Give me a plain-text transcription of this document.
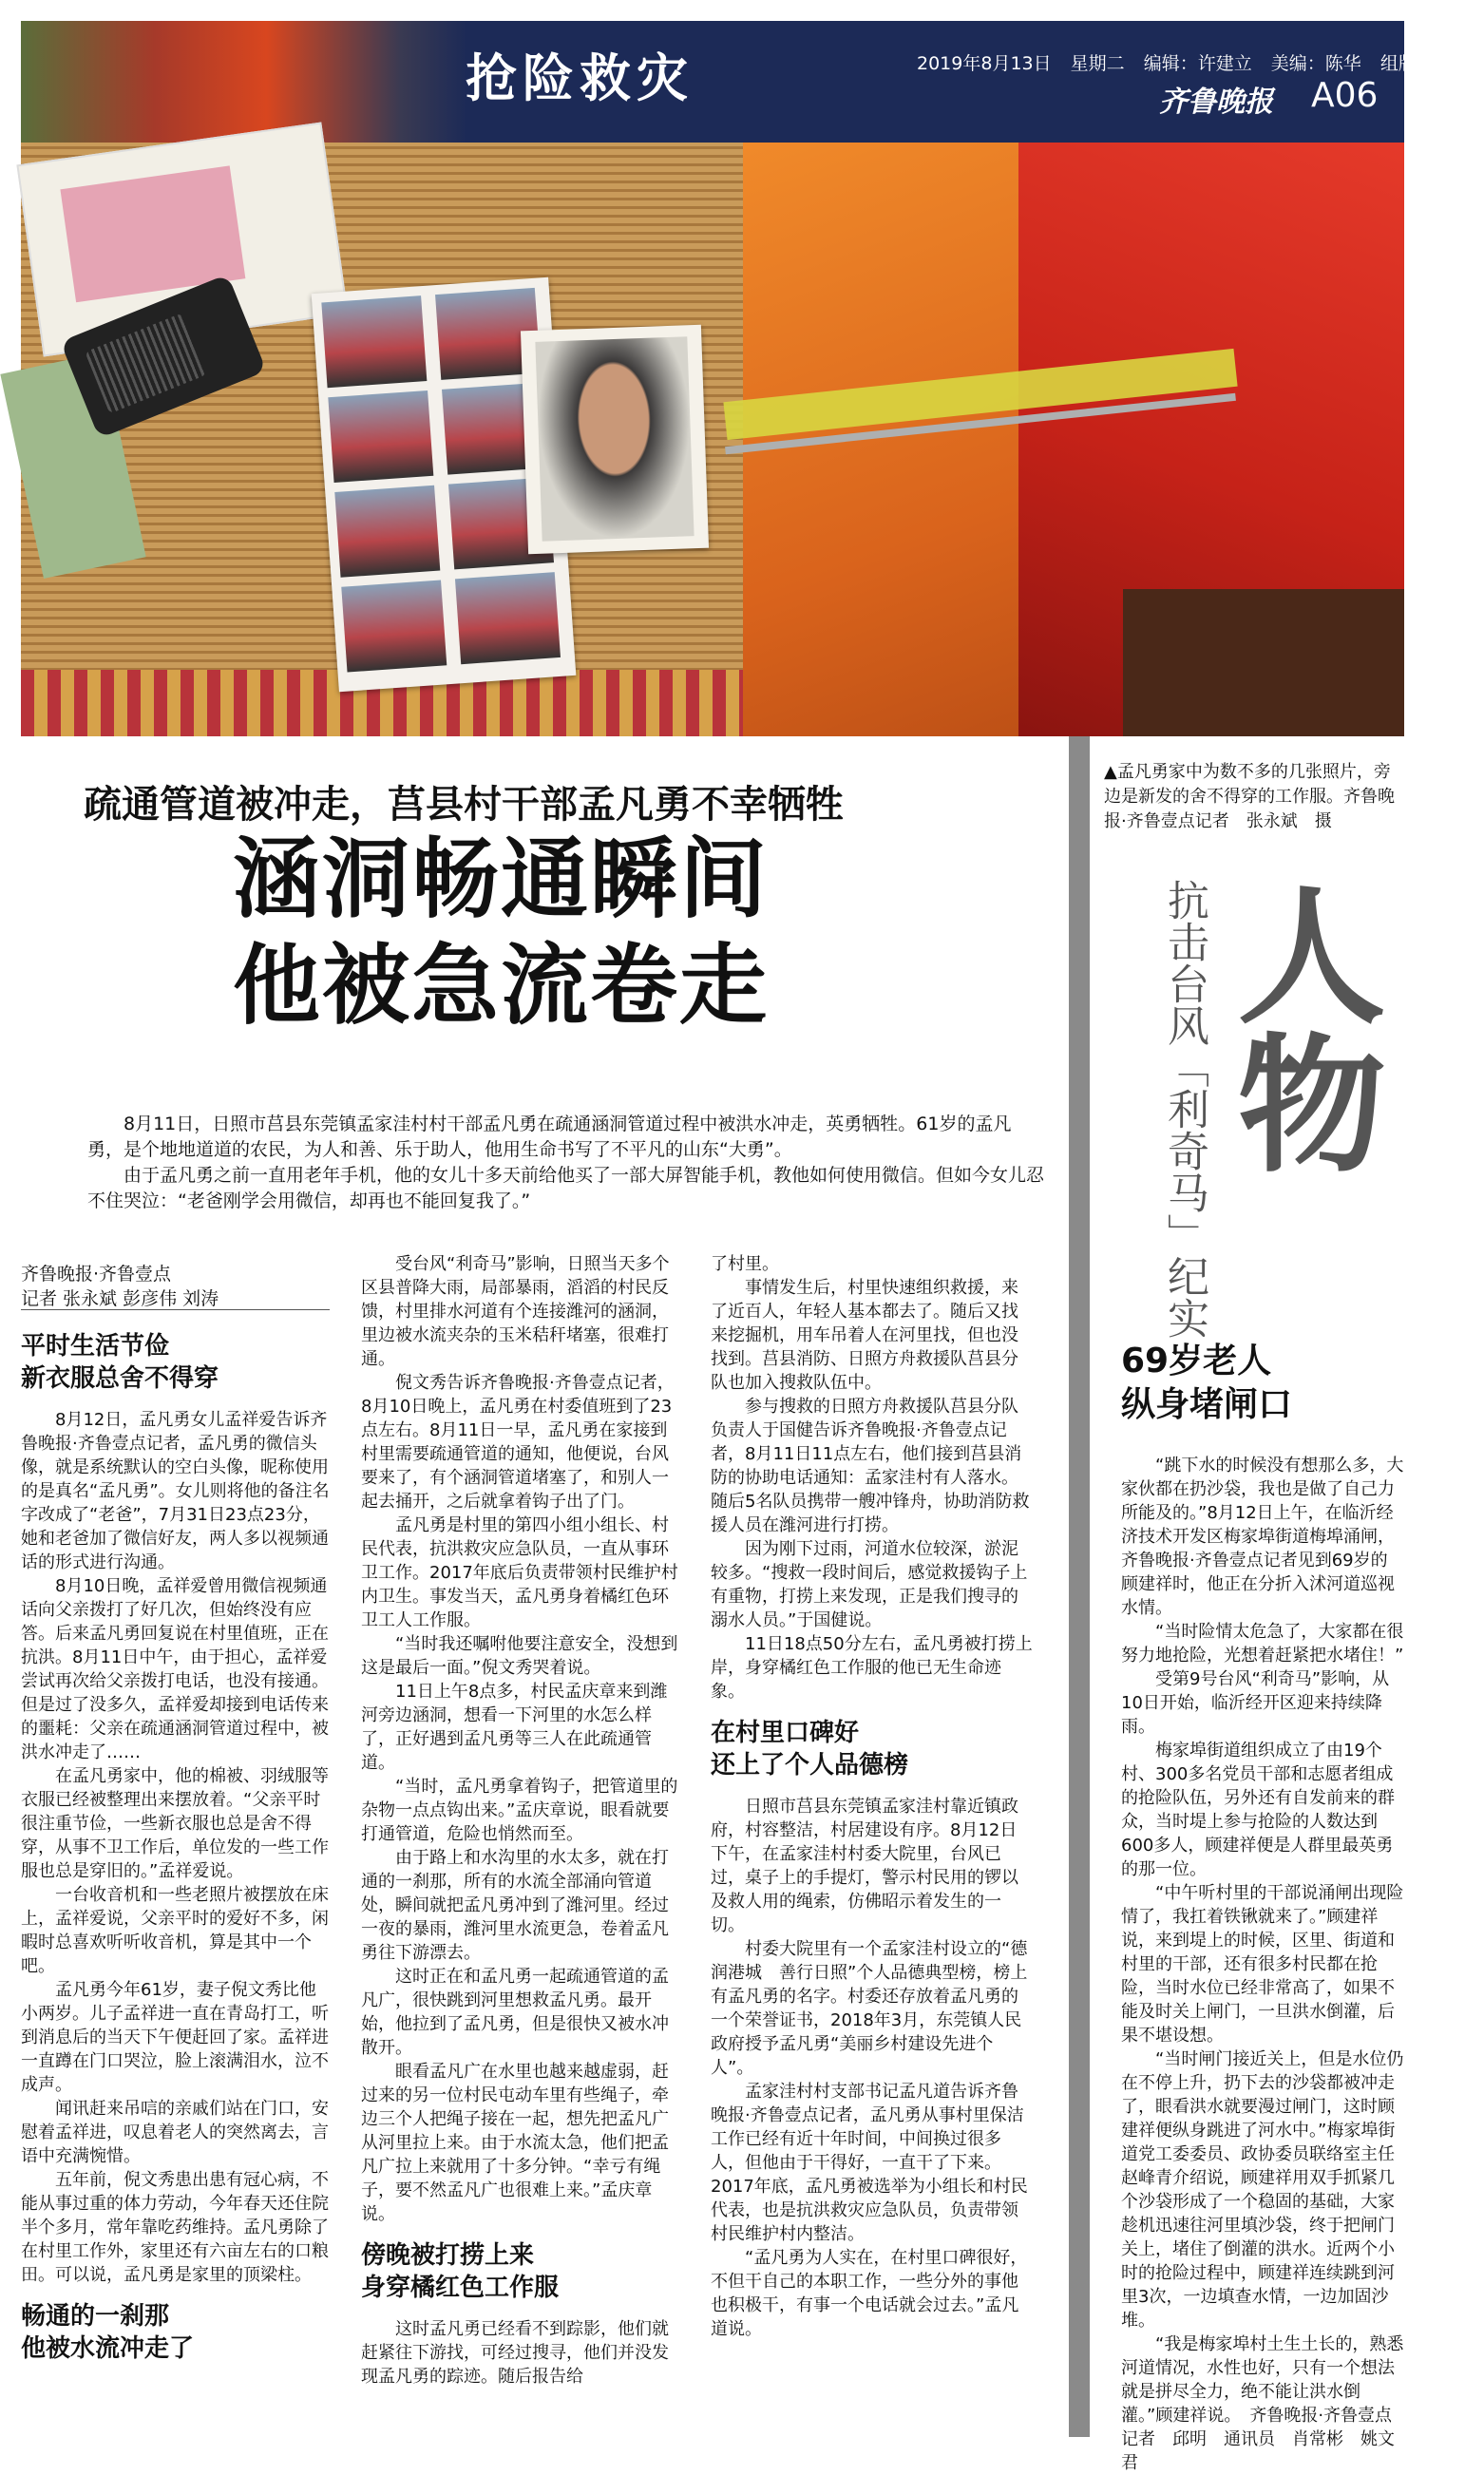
抢险救灾	2019年8月13日 星期二 编辑：许建立 美编：陈华 组版：颜莉
齐鲁晚报 A06
疏通管道被冲走，莒县村干部孟凡勇不幸牺牲
涵洞畅通瞬间
他被急流卷走

8月11日，日照市莒县东莞镇孟家洼村村干部孟凡勇在疏通涵洞管道过程中被洪水冲走，英勇牺牲。61岁的孟凡勇，是个地地道道的农民，为人和善、乐于助人，他用生命书写了不平凡的山东“大勇”。

由于孟凡勇之前一直用老年手机，他的女儿十多天前给他买了一部大屏智能手机，教他如何使用微信。但如今女儿忍不住哭泣：“老爸刚学会用微信，却再也不能回复我了。”

齐鲁晚报·齐鲁壹点
记者 张永斌 彭彦伟 刘涛
平时生活节俭
新衣服总舍不得穿

8月12日，孟凡勇女儿孟祥爱告诉齐鲁晚报·齐鲁壹点记者，孟凡勇的微信头像，就是系统默认的空白头像，昵称使用的是真名“孟凡勇”。女儿则将他的备注名字改成了“老爸”，7月31日23点23分，她和老爸加了微信好友，两人多以视频通话的形式进行沟通。

8月10日晚，孟祥爱曾用微信视频通话向父亲拨打了好几次，但始终没有应答。后来孟凡勇回复说在村里值班，正在抗洪。8月11日中午，由于担心，孟祥爱尝试再次给父亲拨打电话，也没有接通。但是过了没多久，孟祥爱却接到电话传来的噩耗：父亲在疏通涵洞管道过程中，被洪水冲走了……

在孟凡勇家中，他的棉被、羽绒服等衣服已经被整理出来摆放着。“父亲平时很注重节俭，一些新衣服也总是舍不得穿，从事不卫工作后，单位发的一些工作服也总是穿旧的。”孟祥爱说。

一台收音机和一些老照片被摆放在床上，孟祥爱说，父亲平时的爱好不多，闲暇时总喜欢听听收音机，算是其中一个吧。

孟凡勇今年61岁，妻子倪文秀比他小两岁。儿子孟祥进一直在青岛打工，听到消息后的当天下午便赶回了家。孟祥进一直蹲在门口哭泣，脸上滚满泪水，泣不成声。

闻讯赶来吊唁的亲戚们站在门口，安慰着孟祥进，叹息着老人的突然离去，言语中充满惋惜。

五年前，倪文秀患出患有冠心病，不能从事过重的体力劳动，今年春天还住院半个多月，常年靠吃药维持。孟凡勇除了在村里工作外，家里还有六亩左右的口粮田。可以说，孟凡勇是家里的顶梁柱。

畅通的一刹那
他被水流冲走了

受台风“利奇马”影响，日照当天多个区县普降大雨，局部暴雨，滔滔的村民反馈，村里排水河道有个连接潍河的涵洞，里边被水流夹杂的玉米秸秆堵塞，很难打通。

倪文秀告诉齐鲁晚报·齐鲁壹点记者，8月10日晚上，孟凡勇在村委值班到了23点左右。8月11日一早，孟凡勇在家接到村里需要疏通管道的通知，他便说，台风要来了，有个涵洞管道堵塞了，和别人一起去捅开，之后就拿着钩子出了门。

孟凡勇是村里的第四小组小组长、村民代表，抗洪救灾应急队员，一直从事环卫工作。2017年底后负责带领村民维护村内卫生。事发当天，孟凡勇身着橘红色环卫工人工作服。

“当时我还嘱咐他要注意安全，没想到这是最后一面。”倪文秀哭着说。

11日上午8点多，村民孟庆章来到潍河旁边涵洞，想看一下河里的水怎么样了，正好遇到孟凡勇等三人在此疏通管道。

“当时，孟凡勇拿着钩子，把管道里的杂物一点点钩出来。”孟庆章说，眼看就要打通管道，危险也悄然而至。

由于路上和水沟里的水太多，就在打通的一刹那，所有的水流全部涌向管道处，瞬间就把孟凡勇冲到了潍河里。经过一夜的暴雨，潍河里水流更急，卷着孟凡勇往下游漂去。

这时正在和孟凡勇一起疏通管道的孟凡广，很快跳到河里想救孟凡勇。最开始，他拉到了孟凡勇，但是很快又被水冲散开。

眼看孟凡广在水里也越来越虚弱，赶过来的另一位村民屯动车里有些绳子，牵边三个人把绳子接在一起，想先把孟凡广从河里拉上来。由于水流太急，他们把孟凡广拉上来就用了十多分钟。“幸亏有绳子，要不然孟凡广也很难上来。”孟庆章说。

傍晚被打捞上来
身穿橘红色工作服

这时孟凡勇已经看不到踪影，他们就赶紧往下游找，可经过搜寻，他们并没发现孟凡勇的踪迹。随后报告给

了村里。

事情发生后，村里快速组织救援，来了近百人，年轻人基本都去了。随后又找来挖掘机，用车吊着人在河里找，但也没找到。莒县消防、日照方舟救援队莒县分队也加入搜救队伍中。

参与搜救的日照方舟救援队莒县分队负责人于国健告诉齐鲁晚报·齐鲁壹点记者，8月11日11点左右，他们接到莒县消防的协助电话通知：孟家洼村有人落水。随后5名队员携带一艘冲锋舟，协助消防救援人员在潍河进行打捞。

因为刚下过雨，河道水位较深，淤泥较多。“搜救一段时间后，感觉救援钩子上有重物，打捞上来发现，正是我们搜寻的溺水人员。”于国健说。

11日18点50分左右，孟凡勇被打捞上岸，身穿橘红色工作服的他已无生命迹象。

在村里口碑好
还上了个人品德榜

日照市莒县东莞镇孟家洼村靠近镇政府，村容整洁，村居建设有序。8月12日下午，在孟家洼村村委大院里，台风已过，桌子上的手提灯，警示村民用的锣以及救人用的绳索，仿佛昭示着发生的一切。

村委大院里有一个孟家洼村设立的“德润港城　善行日照”个人品德典型榜，榜上有孟凡勇的名字。村委还存放着孟凡勇的一个荣誉证书，2018年3月，东莞镇人民政府授予孟凡勇“美丽乡村建设先进个人”。

孟家洼村村支部书记孟凡道告诉齐鲁晚报·齐鲁壹点记者，孟凡勇从事村里保洁工作已经有近十年时间，中间换过很多人，但他由于干得好，一直干了下来。2017年底，孟凡勇被选举为小组长和村民代表，也是抗洪救灾应急队员，负责带领村民维护村内整洁。

“孟凡勇为人实在，在村里口碑很好，不但干自己的本职工作，一些分外的事他也积极干，有事一个电话就会过去。”孟凡道说。

▲孟凡勇家中为数不多的几张照片，旁边是新发的舍不得穿的工作服。齐鲁晚报·齐鲁壹点记者　张永斌　摄
抗击台风「利奇马」纪实 人物
69岁老人
纵身堵闸口

“跳下水的时候没有想那么多，大家伙都在扔沙袋，我也是做了自己力所能及的。”8月12日上午，在临沂经济技术开发区梅家埠街道梅埠涌闸，齐鲁晚报·齐鲁壹点记者见到69岁的顾建祥时，他正在分折入沭河道巡视水情。

“当时险情太危急了，大家都在很努力地抢险，光想着赶紧把水堵住！”

受第9号台风“利奇马”影响，从10日开始，临沂经开区迎来持续降雨。

梅家埠街道组织成立了由19个村、300多名党员干部和志愿者组成的抢险队伍，另外还有自发前来的群众，当时堤上参与抢险的人数达到600多人，顾建祥便是人群里最英勇的那一位。

“中午听村里的干部说涌闸出现险情了，我扛着铁锹就来了。”顾建祥说，来到堤上的时候，区里、街道和村里的干部，还有很多村民都在抢险，当时水位已经非常高了，如果不能及时关上闸门，一旦洪水倒灌，后果不堪设想。

“当时闸门接近关上，但是水位仍在不停上升，扔下去的沙袋都被冲走了，眼看洪水就要漫过闸门，这时顾建祥便纵身跳进了河水中。”梅家埠街道党工委委员、政协委员联络室主任赵峰青介绍说，顾建祥用双手抓紧几个沙袋形成了一个稳固的基础，大家趁机迅速往河里填沙袋，终于把闸门关上，堵住了倒灌的洪水。近两个小时的抢险过程中，顾建祥连续跳到河里3次，一边填查水情，一边加固沙堆。

“我是梅家埠村土生土长的，熟悉河道情况，水性也好，只有一个想法就是拼尽全力，绝不能让洪水倒灌。”顾建祥说。　齐鲁晚报·齐鲁壹点记者　邱明　通讯员　肖常彬　姚文君
